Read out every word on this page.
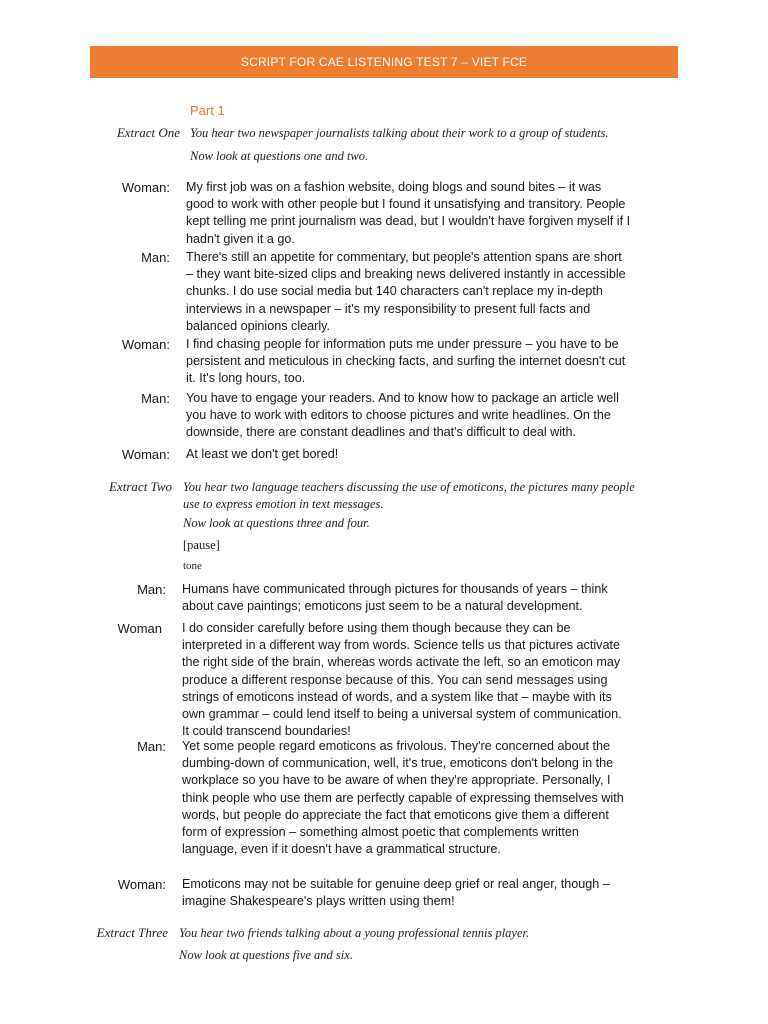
SCRIPT FOR CAE LISTENING TEST 7 – VIET FCE
Part 1
Extract One You hear two newspaper journalists talking about their work to a group of students.
Now look at questions one and two.
Woman: My first job was on a fashion website, doing blogs and sound bites – it was good to work with other people but I found it unsatisfying and transitory. People kept telling me print journalism was dead, but I wouldn't have forgiven myself if I hadn't given it a go.
Man: There's still an appetite for commentary, but people's attention spans are short – they want bite-sized clips and breaking news delivered instantly in accessible chunks. I do use social media but 140 characters can't replace my in-depth interviews in a newspaper – it's my responsibility to present full facts and balanced opinions clearly.
Woman: I find chasing people for information puts me under pressure – you have to be persistent and meticulous in checking facts, and surfing the internet doesn't cut it. It's long hours, too.
Man: You have to engage your readers. And to know how to package an article well you have to work with editors to choose pictures and write headlines. On the downside, there are constant deadlines and that's difficult to deal with.
Woman: At least we don't get bored!
Extract Two You hear two language teachers discussing the use of emoticons, the pictures many people use to express emotion in text messages.
Now look at questions three and four.
[pause]
tone
Man: Humans have communicated through pictures for thousands of years – think about cave paintings; emoticons just seem to be a natural development.
Woman I do consider carefully before using them though because they can be interpreted in a different way from words. Science tells us that pictures activate the right side of the brain, whereas words activate the left, so an emoticon may produce a different response because of this. You can send messages using strings of emoticons instead of words, and a system like that – maybe with its own grammar – could lend itself to being a universal system of communication. It could transcend boundaries!
Man: Yet some people regard emoticons as frivolous. They're concerned about the dumbing-down of communication, well, it's true, emoticons don't belong in the workplace so you have to be aware of when they're appropriate. Personally, I think people who use them are perfectly capable of expressing themselves with words, but people do appreciate the fact that emoticons give them a different form of expression – something almost poetic that complements written language, even if it doesn't have a grammatical structure.
Woman: Emoticons may not be suitable for genuine deep grief or real anger, though – imagine Shakespeare's plays written using them!
Extract Three You hear two friends talking about a young professional tennis player.
Now look at questions five and six.
